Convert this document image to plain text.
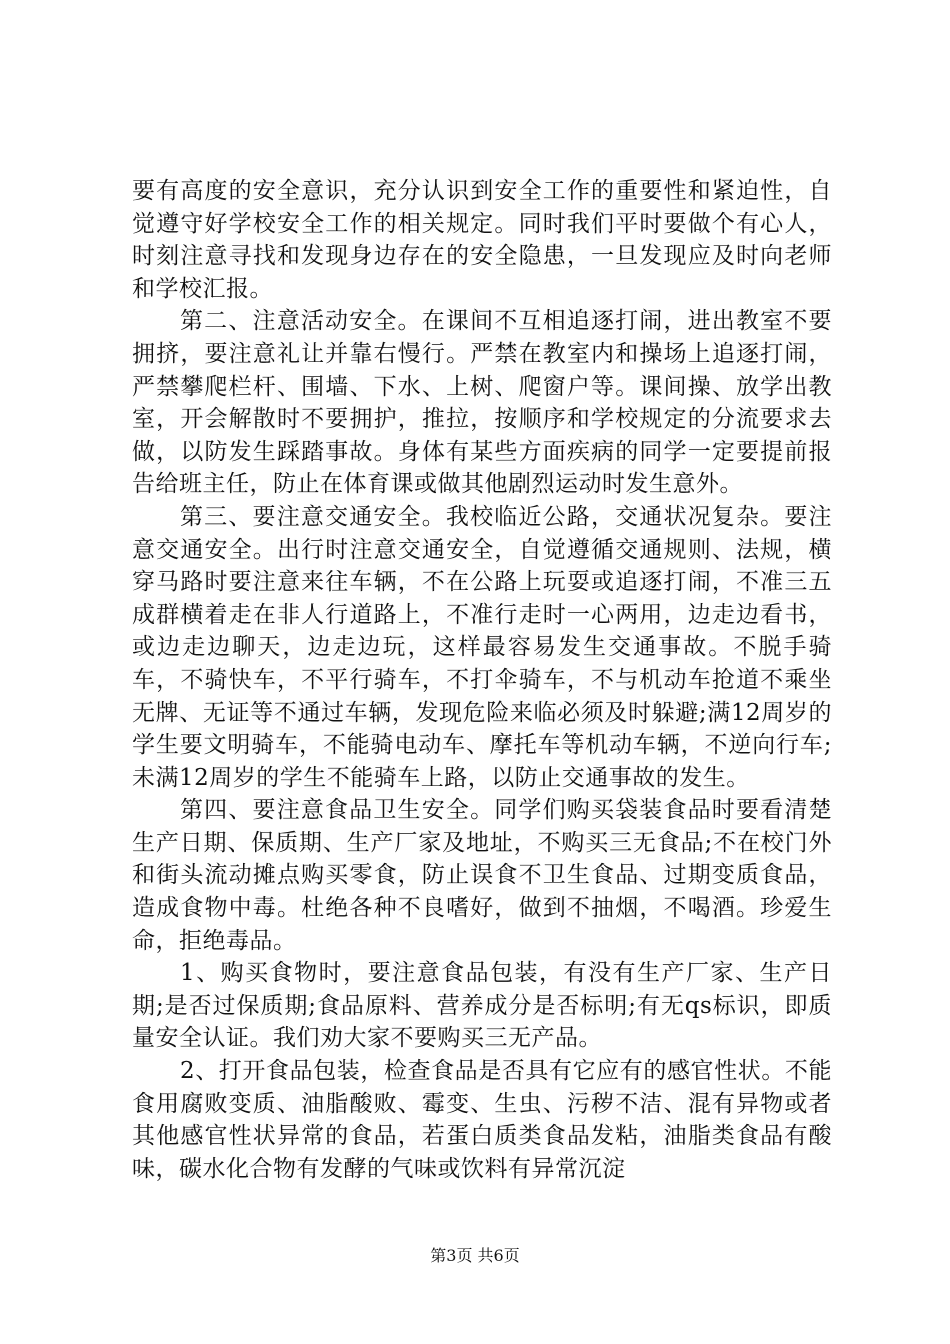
要有高度的安全意识，充分认识到安全工作的重要性和紧迫性，自觉遵守好学校安全工作的相关规定。同时我们平时要做个有心人，时刻注意寻找和发现身边存在的安全隐患，一旦发现应及时向老师和学校汇报。

第二、注意活动安全。在课间不互相追逐打闹，进出教室不要拥挤，要注意礼让并靠右慢行。严禁在教室内和操场上追逐打闹，严禁攀爬栏杆、围墙、下水、上树、爬窗户等。课间操、放学出教室，开会解散时不要拥护，推拉，按顺序和学校规定的分流要求去做，以防发生踩踏事故。身体有某些方面疾病的同学一定要提前报告给班主任，防止在体育课或做其他剧烈运动时发生意外。

第三、要注意交通安全。我校临近公路，交通状况复杂。要注意交通安全。出行时注意交通安全，自觉遵循交通规则、法规，横穿马路时要注意来往车辆，不在公路上玩耍或追逐打闹，不准三五成群横着走在非人行道路上，不准行走时一心两用，边走边看书，或边走边聊天，边走边玩，这样最容易发生交通事故。不脱手骑车，不骑快车，不平行骑车，不打伞骑车，不与机动车抢道不乘坐无牌、无证等不通过车辆，发现危险来临必须及时躲避;满12周岁的学生要文明骑车，不能骑电动车、摩托车等机动车辆，不逆向行车;未满12周岁的学生不能骑车上路，以防止交通事故的发生。

第四、要注意食品卫生安全。同学们购买袋装食品时要看清楚生产日期、保质期、生产厂家及地址，不购买三无食品;不在校门外和街头流动摊点购买零食，防止误食不卫生食品、过期变质食品，造成食物中毒。杜绝各种不良嗜好，做到不抽烟，不喝酒。珍爱生命，拒绝毒品。

1、购买食物时，要注意食品包装，有没有生产厂家、生产日期;是否过保质期;食品原料、营养成分是否标明;有无qs标识，即质量安全认证。我们劝大家不要购买三无产品。

2、打开食品包装，检查食品是否具有它应有的感官性状。不能食用腐败变质、油脂酸败、霉变、生虫、污秽不洁、混有异物或者其他感官性状异常的食品，若蛋白质类食品发粘，油脂类食品有酸味，碳水化合物有发酵的气味或饮料有异常沉淀

第3页 共6页
